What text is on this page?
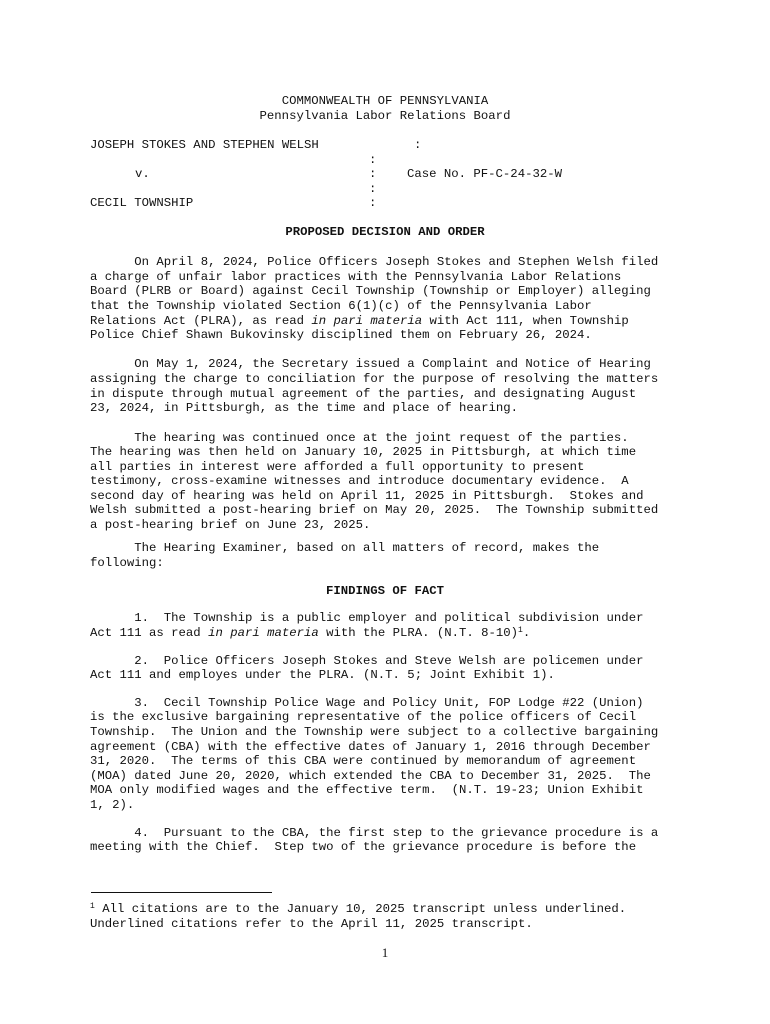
COMMONWEALTH OF PENNSYLVANIA
Pennsylvania Labor Relations Board
JOSEPH STOKES AND STEPHEN WELSH	:
:
v.	: Case No. PF-C-24-32-W
:
CECIL TOWNSHIP	:
PROPOSED DECISION AND ORDER
On April 8, 2024, Police Officers Joseph Stokes and Stephen Welsh filed
a charge of unfair labor practices with the Pennsylvania Labor Relations
Board (PLRB or Board) against Cecil Township (Township or Employer) alleging
that the Township violated Section 6(1)(c) of the Pennsylvania Labor
Relations Act (PLRA), as read in pari materia with Act 111, when Township
Police Chief Shawn Bukovinsky disciplined them on February 26, 2024.
On May 1, 2024, the Secretary issued a Complaint and Notice of Hearing
assigning the charge to conciliation for the purpose of resolving the matters
in dispute through mutual agreement of the parties, and designating August
23, 2024, in Pittsburgh, as the time and place of hearing.
The hearing was continued once at the joint request of the parties.
The hearing was then held on January 10, 2025 in Pittsburgh, at which time
all parties in interest were afforded a full opportunity to present
testimony, cross-examine witnesses and introduce documentary evidence.  A
second day of hearing was held on April 11, 2025 in Pittsburgh.  Stokes and
Welsh submitted a post-hearing brief on May 20, 2025.  The Township submitted
a post-hearing brief on June 23, 2025.
The Hearing Examiner, based on all matters of record, makes the
following:
FINDINGS OF FACT
1.  The Township is a public employer and political subdivision under
Act 111 as read in pari materia with the PLRA. (N.T. 8-10)$^1$.
2.  Police Officers Joseph Stokes and Steve Welsh are policemen under
Act 111 and employes under the PLRA. (N.T. 5; Joint Exhibit 1).
3.  Cecil Township Police Wage and Policy Unit, FOP Lodge #22 (Union)
is the exclusive bargaining representative of the police officers of Cecil
Township.  The Union and the Township were subject to a collective bargaining
agreement (CBA) with the effective dates of January 1, 2016 through December
31, 2020.  The terms of this CBA were continued by memorandum of agreement
(MOA) dated June 20, 2020, which extended the CBA to December 31, 2025.  The
MOA only modified wages and the effective term.  (N.T. 19-23; Union Exhibit
1, 2).
4.  Pursuant to the CBA, the first step to the grievance procedure is a
meeting with the Chief.  Step two of the grievance procedure is before the
$^1$ All citations are to the January 10, 2025 transcript unless underlined.
Underlined citations refer to the April 11, 2025 transcript.
1
